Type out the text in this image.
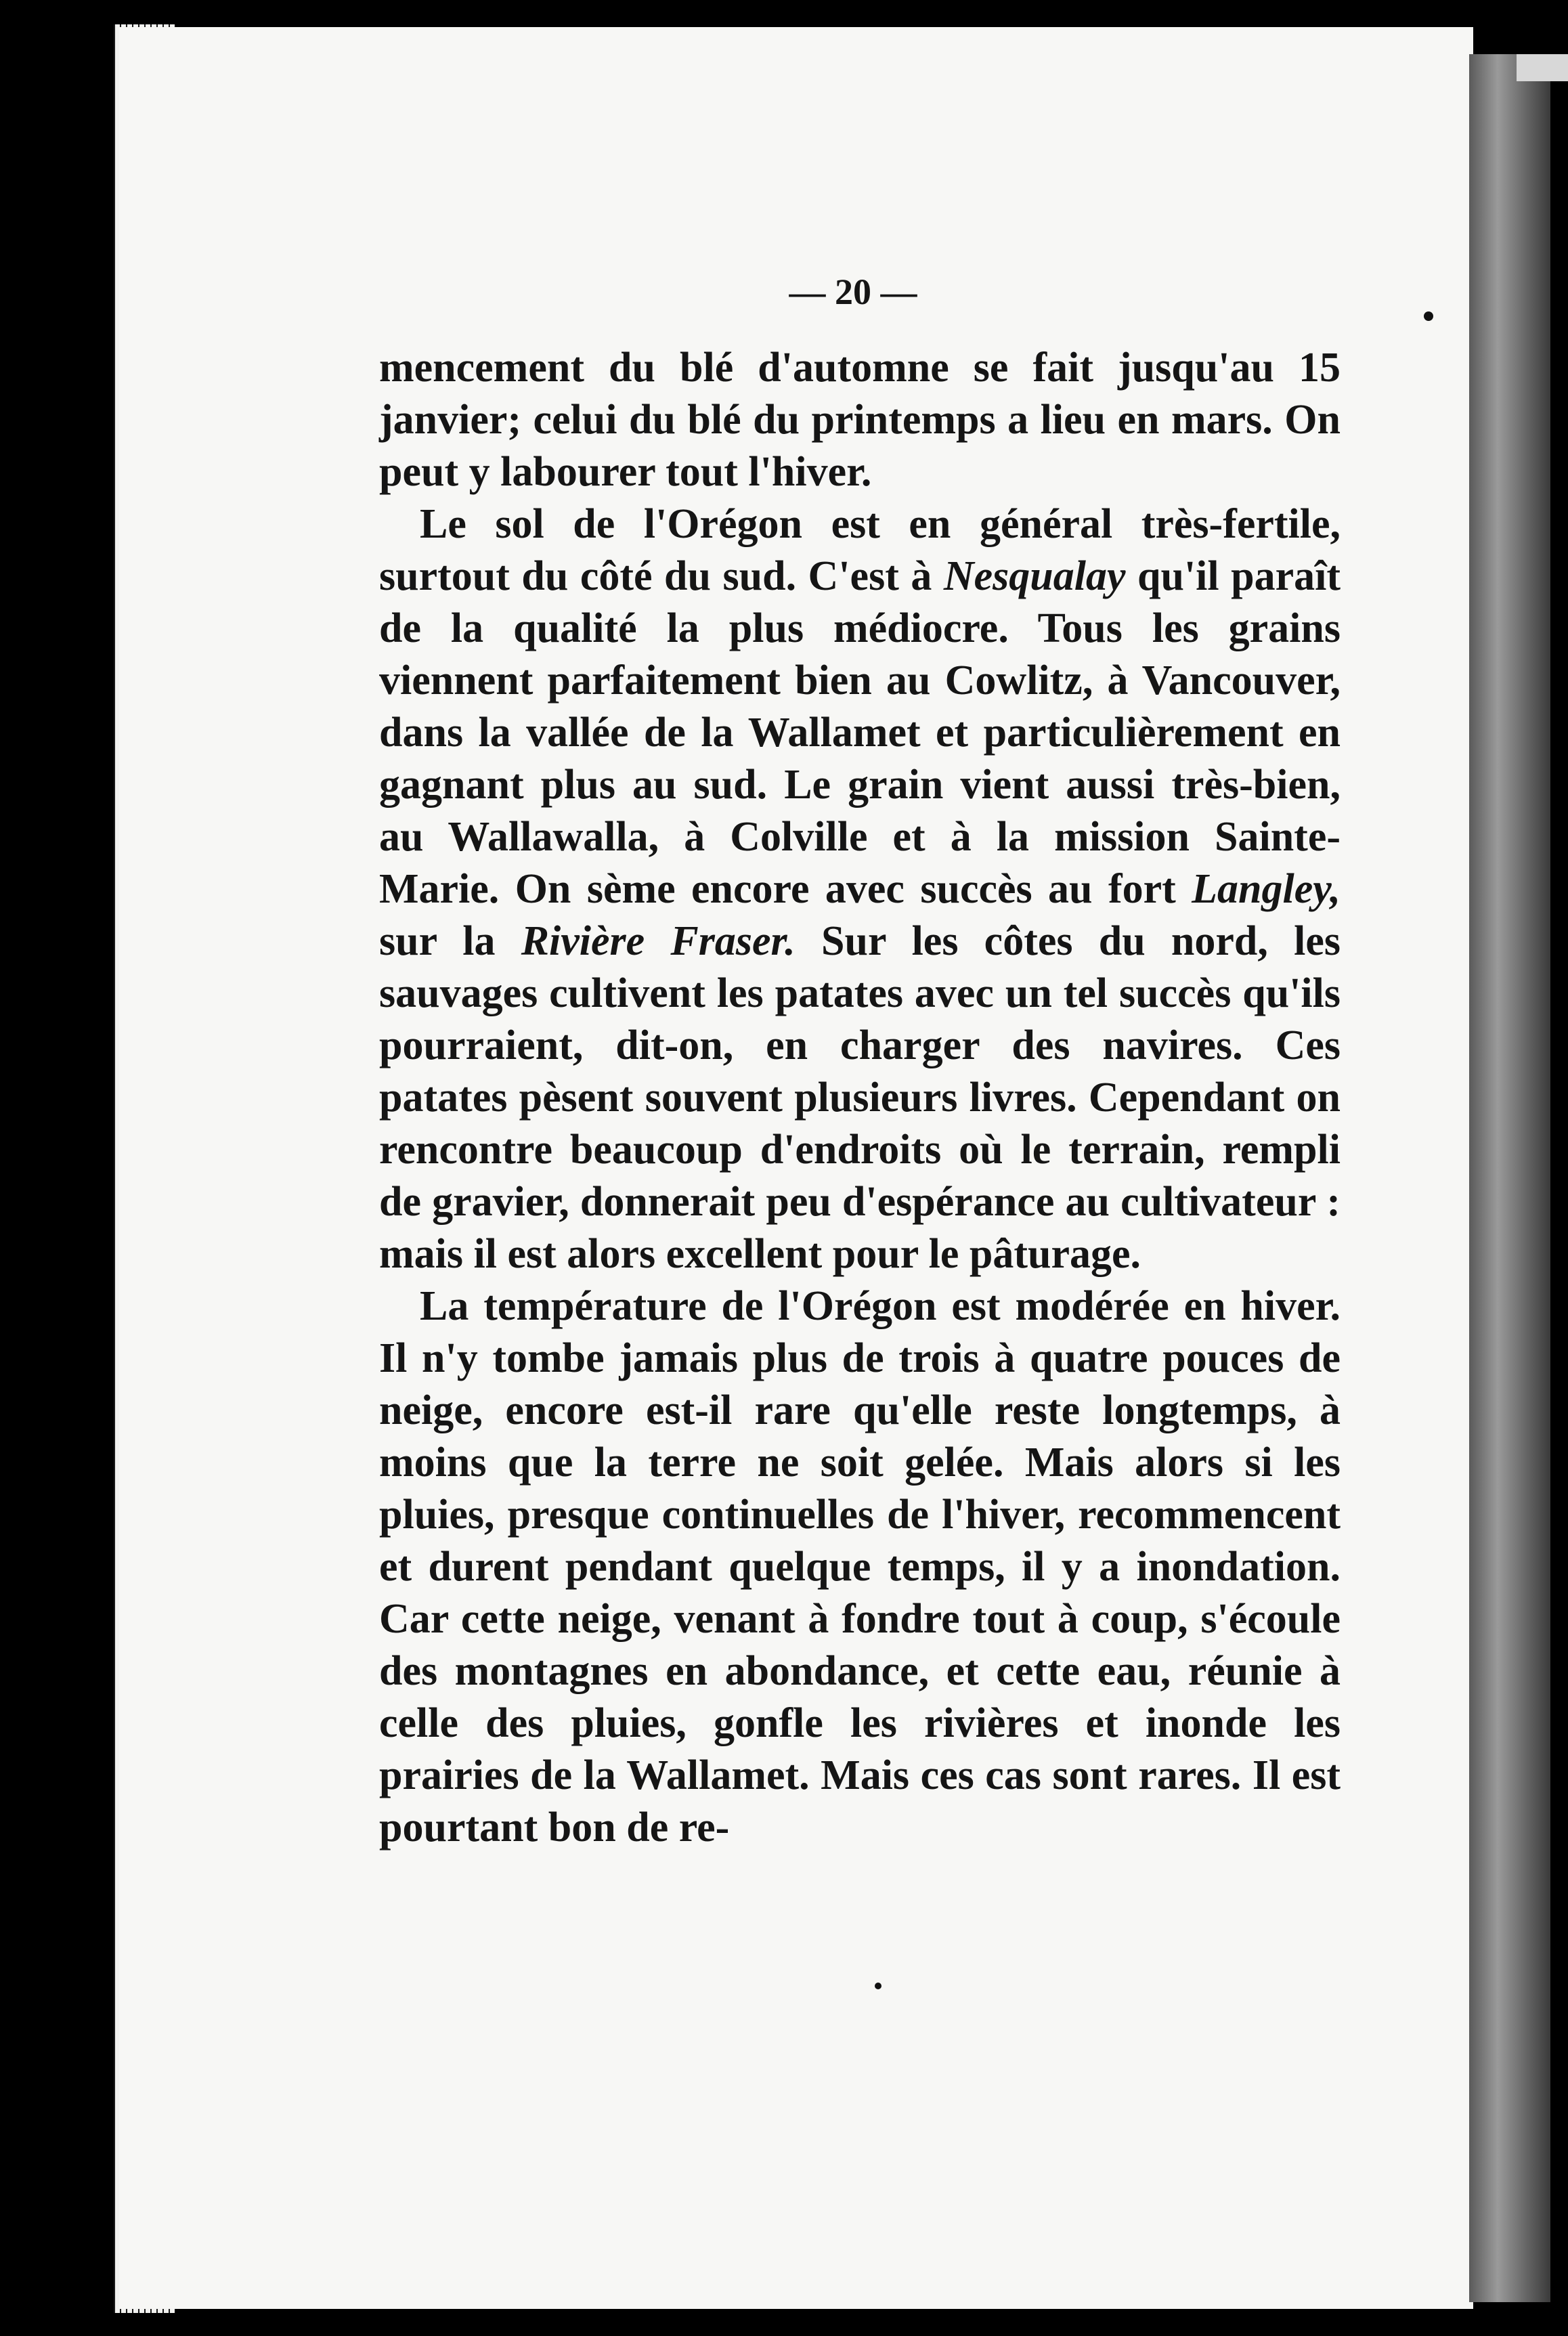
— 20 —

mencement du blé d'automne se fait jusqu'au 15 janvier; celui du blé du printemps a lieu en mars. On peut y labourer tout l'hiver.

Le sol de l'Orégon est en général très-fertile, surtout du côté du sud. C'est à Nesqualay qu'il paraît de la qualité la plus médiocre. Tous les grains viennent parfaitement bien au Cowlitz, à Vancouver, dans la vallée de la Wallamet et particulièrement en gagnant plus au sud. Le grain vient aussi très-bien, au Wallawalla, à Colville et à la mission Sainte-Marie. On sème encore avec succès au fort Langley, sur la Rivière Fraser. Sur les côtes du nord, les sauvages cultivent les patates avec un tel succès qu'ils pourraient, dit-on, en charger des navires. Ces patates pèsent souvent plusieurs livres. Cependant on rencontre beaucoup d'endroits où le terrain, rempli de gravier, donnerait peu d'espérance au cultivateur : mais il est alors excellent pour le pâturage.

La température de l'Orégon est modérée en hiver. Il n'y tombe jamais plus de trois à quatre pouces de neige, encore est-il rare qu'elle reste longtemps, à moins que la terre ne soit gelée. Mais alors si les pluies, presque continuelles de l'hiver, recommencent et durent pendant quelque temps, il y a inondation. Car cette neige, venant à fondre tout à coup, s'écoule des montagnes en abondance, et cette eau, réunie à celle des pluies, gonfle les rivières et inonde les prairies de la Wallamet. Mais ces cas sont rares. Il est pourtant bon de re-
